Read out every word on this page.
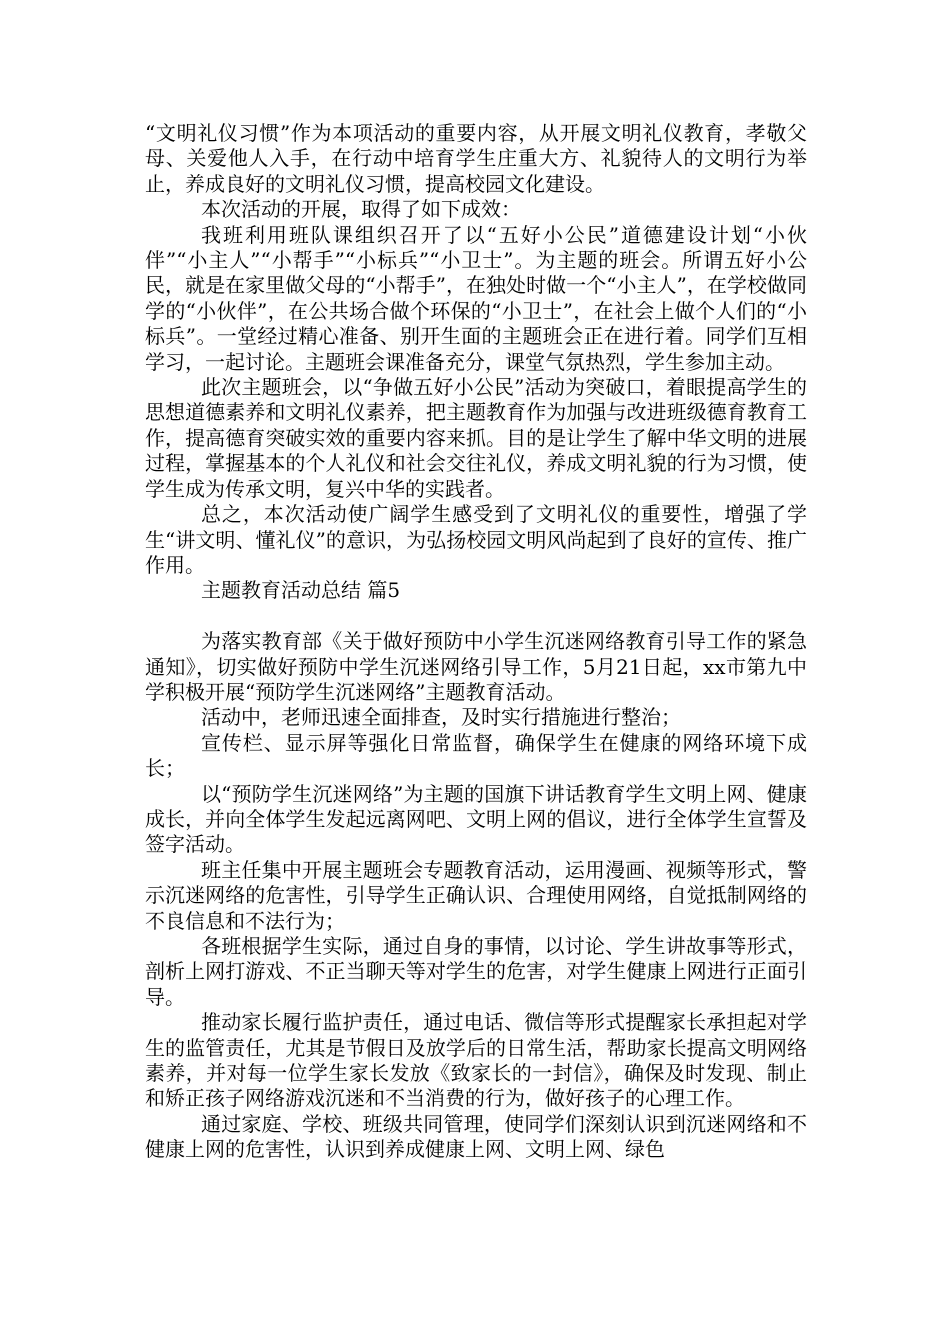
“文明礼仪习惯”作为本项活动的重要内容，从开展文明礼仪教育，孝敬父母、关爱他人入手，在行动中培育学生庄重大方、礼貌待人的文明行为举止，养成良好的文明礼仪习惯，提高校园文化建设。

本次活动的开展，取得了如下成效：

我班利用班队课组织召开了以“五好小公民”道德建设计划“小伙伴”“小主人”“小帮手”“小标兵”“小卫士”。为主题的班会。所谓五好小公民，就是在家里做父母的“小帮手”，在独处时做一个“小主人”，在学校做同学的“小伙伴”，在公共场合做个环保的“小卫士”，在社会上做个人们的“小标兵”。一堂经过精心准备、别开生面的主题班会正在进行着。同学们互相学习，一起讨论。主题班会课准备充分，课堂气氛热烈，学生参加主动。

此次主题班会，以“争做五好小公民”活动为突破口，着眼提高学生的思想道德素养和文明礼仪素养，把主题教育作为加强与改进班级德育教育工作，提高德育突破实效的重要内容来抓。目的是让学生了解中华文明的进展过程，掌握基本的个人礼仪和社会交往礼仪，养成文明礼貌的行为习惯，使学生成为传承文明，复兴中华的实践者。

总之，本次活动使广阔学生感受到了文明礼仪的重要性，增强了学生“讲文明、懂礼仪”的意识，为弘扬校园文明风尚起到了良好的宣传、推广作用。

主题教育活动总结 篇5

为落实教育部《关于做好预防中小学生沉迷网络教育引导工作的紧急通知》，切实做好预防中学生沉迷网络引导工作，5月21日起，xx市第九中学积极开展“预防学生沉迷网络”主题教育活动。

活动中，老师迅速全面排查，及时实行措施进行整治；

宣传栏、显示屏等强化日常监督，确保学生在健康的网络环境下成长；

以“预防学生沉迷网络”为主题的国旗下讲话教育学生文明上网、健康成长，并向全体学生发起远离网吧、文明上网的倡议，进行全体学生宣誓及签字活动。

班主任集中开展主题班会专题教育活动，运用漫画、视频等形式，警示沉迷网络的危害性，引导学生正确认识、合理使用网络，自觉抵制网络的不良信息和不法行为；

各班根据学生实际，通过自身的事情，以讨论、学生讲故事等形式，剖析上网打游戏、不正当聊天等对学生的危害，对学生健康上网进行正面引导。

推动家长履行监护责任，通过电话、微信等形式提醒家长承担起对学生的监管责任，尤其是节假日及放学后的日常生活，帮助家长提高文明网络素养，并对每一位学生家长发放《致家长的一封信》，确保及时发现、制止和矫正孩子网络游戏沉迷和不当消费的行为，做好孩子的心理工作。

通过家庭、学校、班级共同管理，使同学们深刻认识到沉迷网络和不健康上网的危害性，认识到养成健康上网、文明上网、绿色
